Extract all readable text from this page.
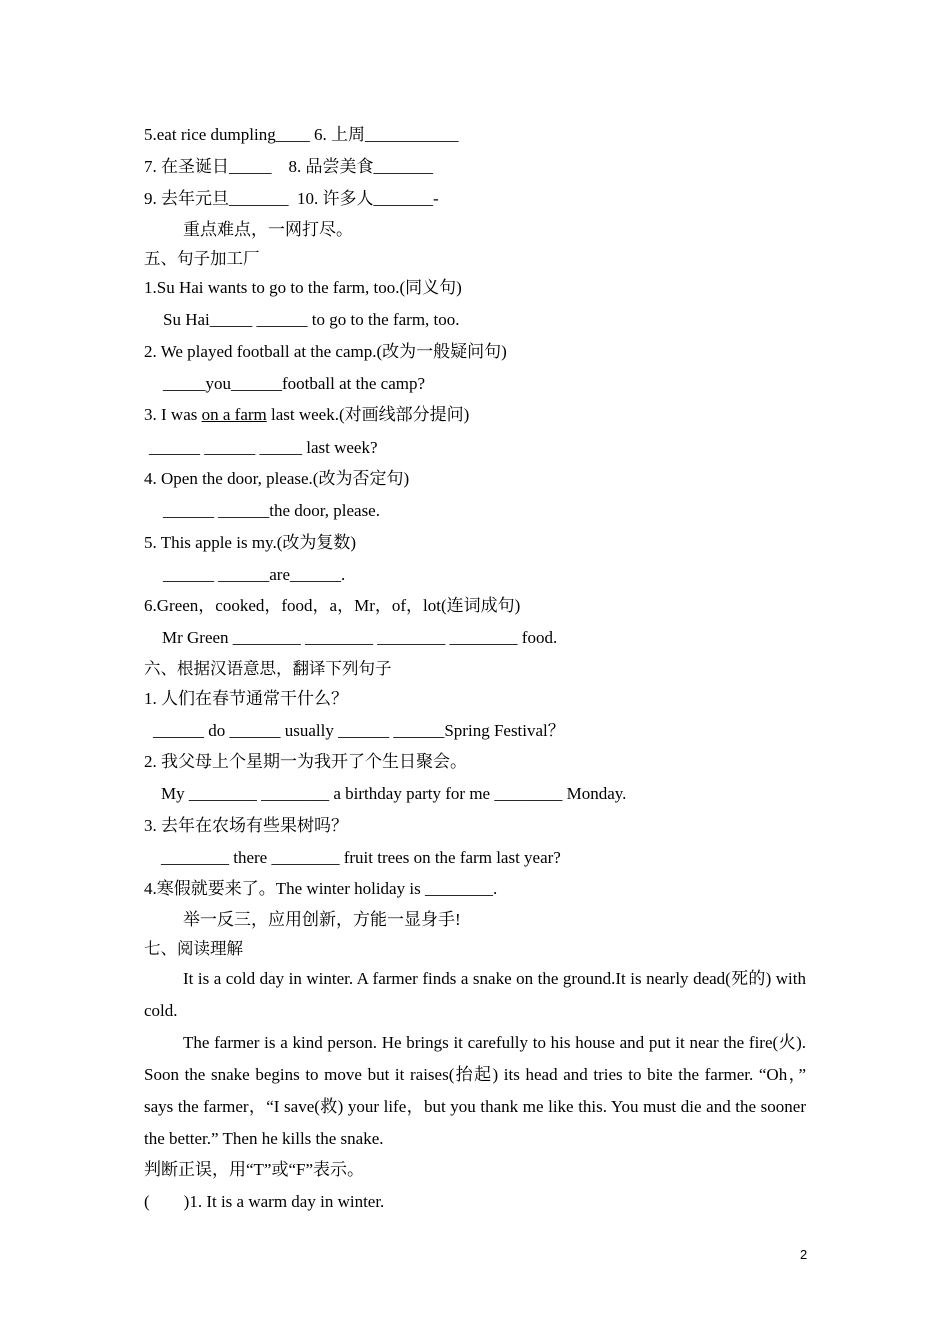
5.eat rice dumpling____ 6. 上周___________
7. 在圣诞日_____    8. 品尝美食_______
9. 去年元旦_______  10. 许多人_______-
重点难点，一网打尽。
五、句子加工厂
1.Su Hai wants to go to the farm, too.(同义句)
Su Hai_____ ______ to go to the farm, too.
2. We played football at the camp.(改为一般疑问句)
_____you______football at the camp?
3. I was on a farm last week.(对画线部分提问)
______ ______ _____ last week?
4. Open the door, please.(改为否定句)
______ ______the door, please.
5. This apple is my.(改为复数)
______ ______are______.
6.Green，cooked，food，a，Mr，of，lot(连词成句)
Mr Green ________ ________ ________ ________ food.
六、根据汉语意思，翻译下列句子
1. 人们在春节通常干什么？
______ do ______ usually ______ ______Spring Festival？
2. 我父母上个星期一为我开了个生日聚会。
My ________ ________ a birthday party for me ________ Monday.
3. 去年在农场有些果树吗？
________ there ________ fruit trees on the farm last year?
4.寒假就要来了。The winter holiday is ________.
举一反三，应用创新，方能一显身手!
七、阅读理解
It is a cold day in winter. A farmer finds a snake on the ground.It is nearly dead(死的) with cold.
The farmer is a kind person. He brings it carefully to his house and put it near the fire(火). Soon the snake begins to move but it raises(抬起) its head and tries to bite the farmer. “Oh，” says the farmer，“I save(救) your life，but you thank me like this. You must die and the sooner the better.” Then he kills the snake.
判断正误，用“T”或“F”表示。
(        )1. It is a warm day in winter.
2
